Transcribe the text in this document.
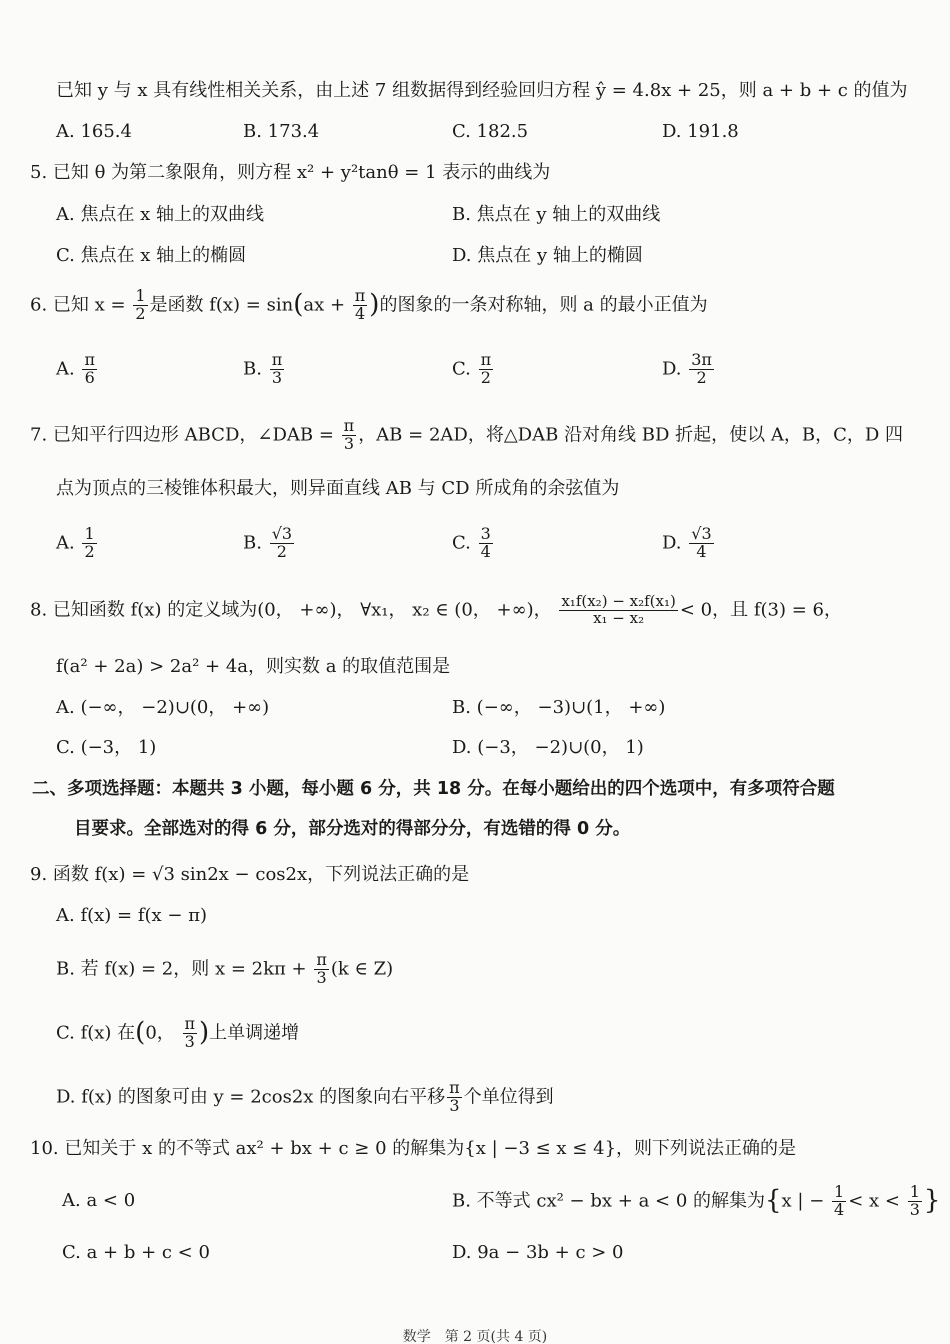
已知 y 与 x 具有线性相关关系，由上述 7 组数据得到经验回归方程 ŷ = 4.8x + 25，则 a + b + c 的值为
A. 165.4	B. 173.4	C. 182.5	D. 191.8
5. 已知 θ 为第二象限角，则方程 x² + y²tanθ = 1 表示的曲线为
A. 焦点在 x 轴上的双曲线	B. 焦点在 y 轴上的双曲线
C. 焦点在 x 轴上的椭圆	D. 焦点在 y 轴上的椭圆
6. 已知 $x = \frac{1}{2}$ 是函数 $f(x) = \sin(ax + \frac{\pi}{4}$ )的图象的一条对称轴，则 a 的最小正值为
A. $\frac{\pi}{6}$	B. $\frac{\pi}{3}$	C. $\frac{\pi}{2}$	D. $\frac{3\pi}{2}$
7. 已知平行四边形 ABCD，∠DAB = $\frac{\pi}{3}$ ，AB = 2AD，将△DAB 沿对角线 BD 折起，使以 A，B，C，D 四
点为顶点的三棱锥体积最大，则异面直线 AB 与 CD 所成角的余弦值为
A. $\frac{1}{2}$	B. $\frac{√3}{2}$	C. $\frac{3}{4}$	D. $\frac{√3}{4}$
8. 已知函数 f(x) 的定义域为(0， +∞)， ∀x₁， x₂ ∈ (0， +∞)， $\frac{\text{x₁f(x₂) − x₂f(x₁)}}{\text{x₁ − x₂}} < 0$，且 f(3) = 6，
f(a² + 2a) > 2a² + 4a，则实数 a 的取值范围是
A. (−∞， −2)∪(0， +∞)	B. (−∞， −3)∪(1， +∞)
C. (−3， 1)	D. (−3， −2)∪(0， 1)
二、多项选择题：本题共 3 小题，每小题 6 分，共 18 分。在每小题给出的四个选项中，有多项符合题
目要求。全部选对的得 6 分，部分选对的得部分分，有选错的得 0 分。
9. 函数 f(x) = √3 sin2x − cos2x，下列说法正确的是
A. f(x) = f(x − π)
B. 若 f(x) = 2，则 $x = 2k\pi + \frac{\pi}{3} (k$ ∈ Z)
C. f(x) 在(0， $\frac{\pi}{3}$ )上单调递增
D. f(x) 的图象可由 y = 2cos2x 的图象向右平移 $\frac{\pi}{3}$ 个单位得到
10. 已知关于 x 的不等式 ax² + bx + c ≥ 0 的解集为{x | −3 ≤ x ≤ 4}，则下列说法正确的是
A. a < 0	B. 不等式 cx² − bx + a < 0 的解集为{x | − $\frac{1}{4} < x < \frac{1}{3}$ }
C. a + b + c < 0	D. 9a − 3b + c > 0
数学　第 2 页(共 4 页)
